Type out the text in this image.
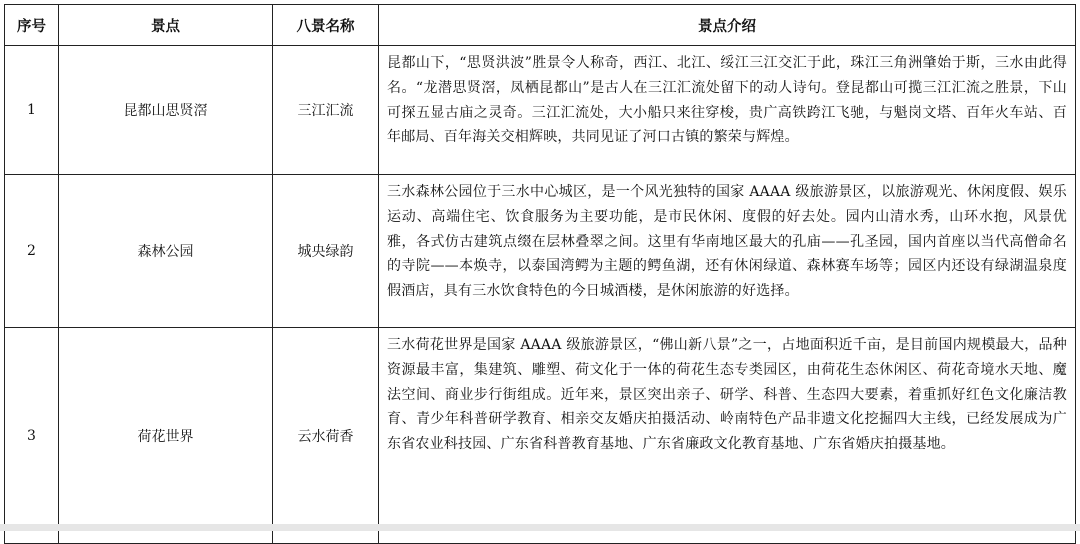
序号	景点	八景名称	景点介绍
1	昆都山思贤滘	三江汇流	昆都山下，“思贤洪波”胜景令人称奇，西江、北江、绥江三江交汇于此，珠江三角洲肇始于斯，三水由此得名。“龙潜思贤滘，凤栖昆都山”是古人在三江汇流处留下的动人诗句。登昆都山可揽三江汇流之胜景，下山可探五显古庙之灵奇。三江汇流处，大小船只来往穿梭，贵广高铁跨江飞驰，与魁岗文塔、百年火车站、百年邮局、百年海关交相辉映，共同见证了河口古镇的繁荣与辉煌。
2	森林公园	城央绿韵	三水森林公园位于三水中心城区，是一个风光独特的国家 AAAA 级旅游景区，以旅游观光、休闲度假、娱乐运动、高端住宅、饮食服务为主要功能，是市民休闲、度假的好去处。园内山清水秀，山环水抱，风景优雅，各式仿古建筑点缀在层林叠翠之间。这里有华南地区最大的孔庙——孔圣园，国内首座以当代高僧命名的寺院——本焕寺，以泰国湾鳄为主题的鳄鱼湖，还有休闲绿道、森林赛车场等；园区内还设有绿湖温泉度假酒店，具有三水饮食特色的今日城酒楼，是休闲旅游的好选择。
3	荷花世界	云水荷香	三水荷花世界是国家 AAAA 级旅游景区，“佛山新八景”之一，占地面积近千亩，是目前国内规模最大，品种资源最丰富，集建筑、雕塑、荷文化于一体的荷花生态专类园区，由荷花生态休闲区、荷花奇境水天地、魔法空间、商业步行街组成。近年来，景区突出亲子、研学、科普、生态四大要素，着重抓好红色文化廉洁教育、青少年科普研学教育、相亲交友婚庆拍摄活动、岭南特色产品非遗文化挖掘四大主线，已经发展成为广东省农业科技园、广东省科普教育基地、广东省廉政文化教育基地、广东省婚庆拍摄基地。
